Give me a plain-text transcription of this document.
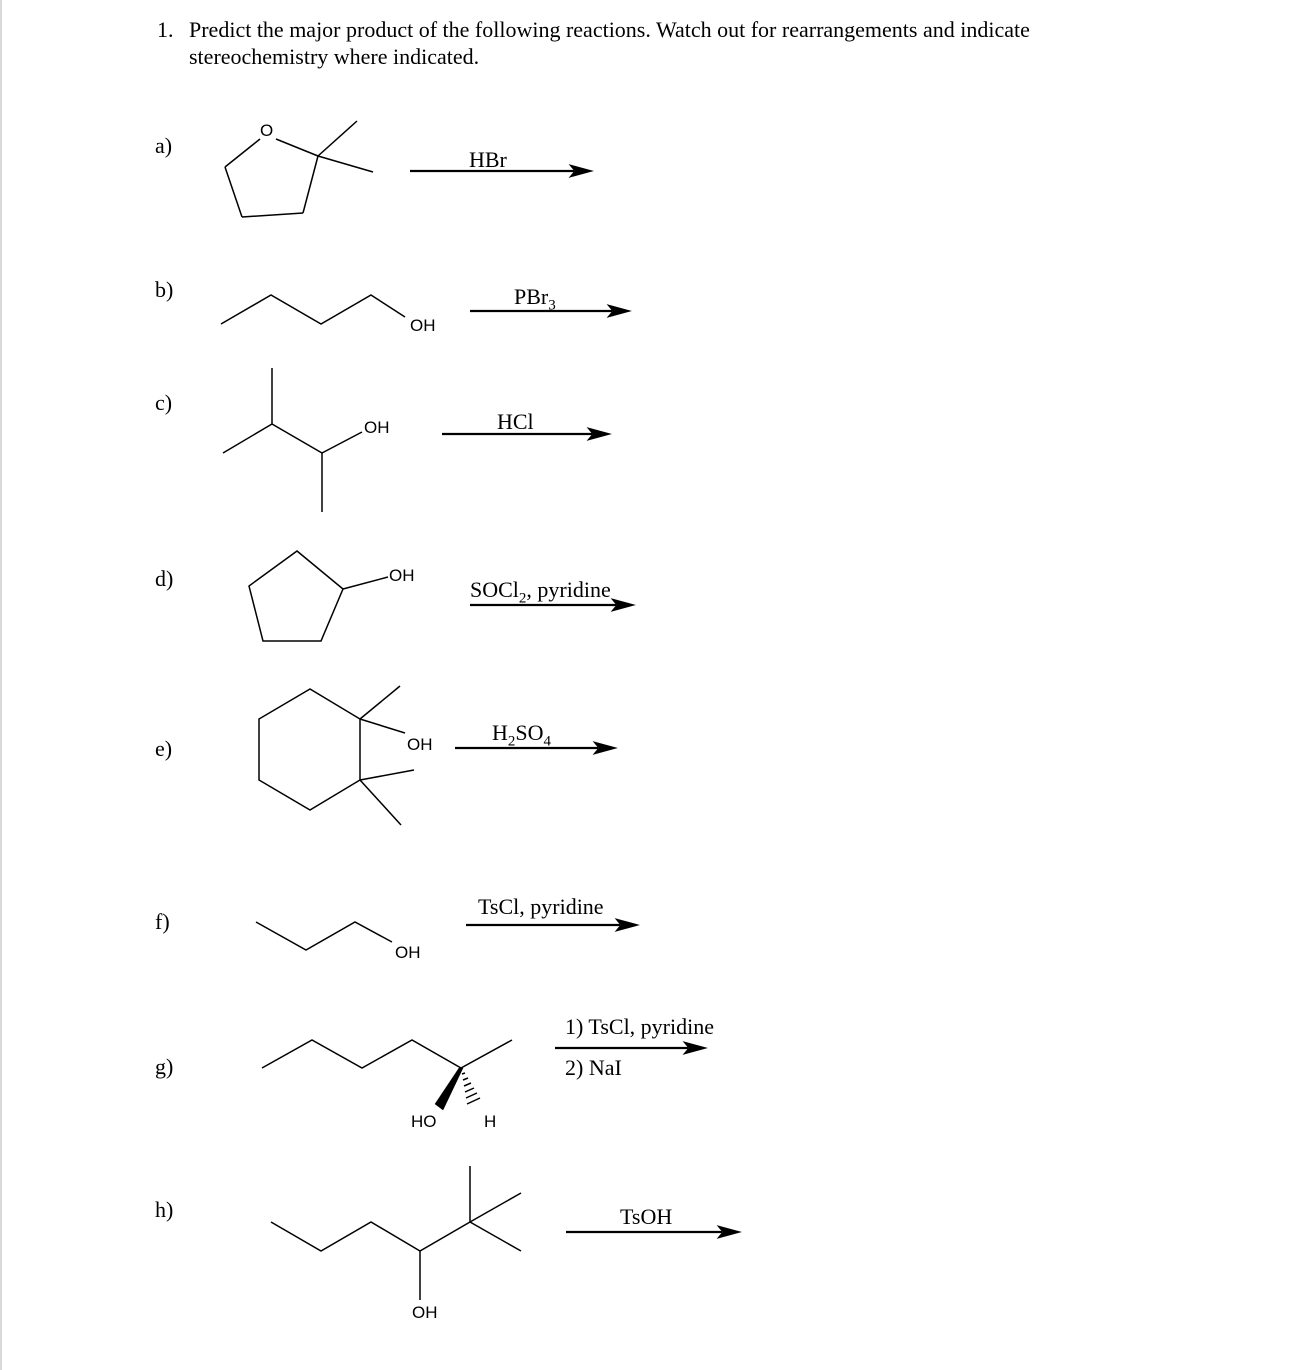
1. Predict the major product of the following reactions. Watch out for rearrangements and indicate stereochemistry where indicated.
a)
b)
c)
d)
e)
f)
g)
h)
O
OH
OH
OH
OH
OH
HO	H
OH
HBr
PBr$_3$
HCl
SOCl$_2$, pyridine
$H_2SO_4$
TsCl, pyridine
1) TsCl, pyridine
2) NaI
TsOH
